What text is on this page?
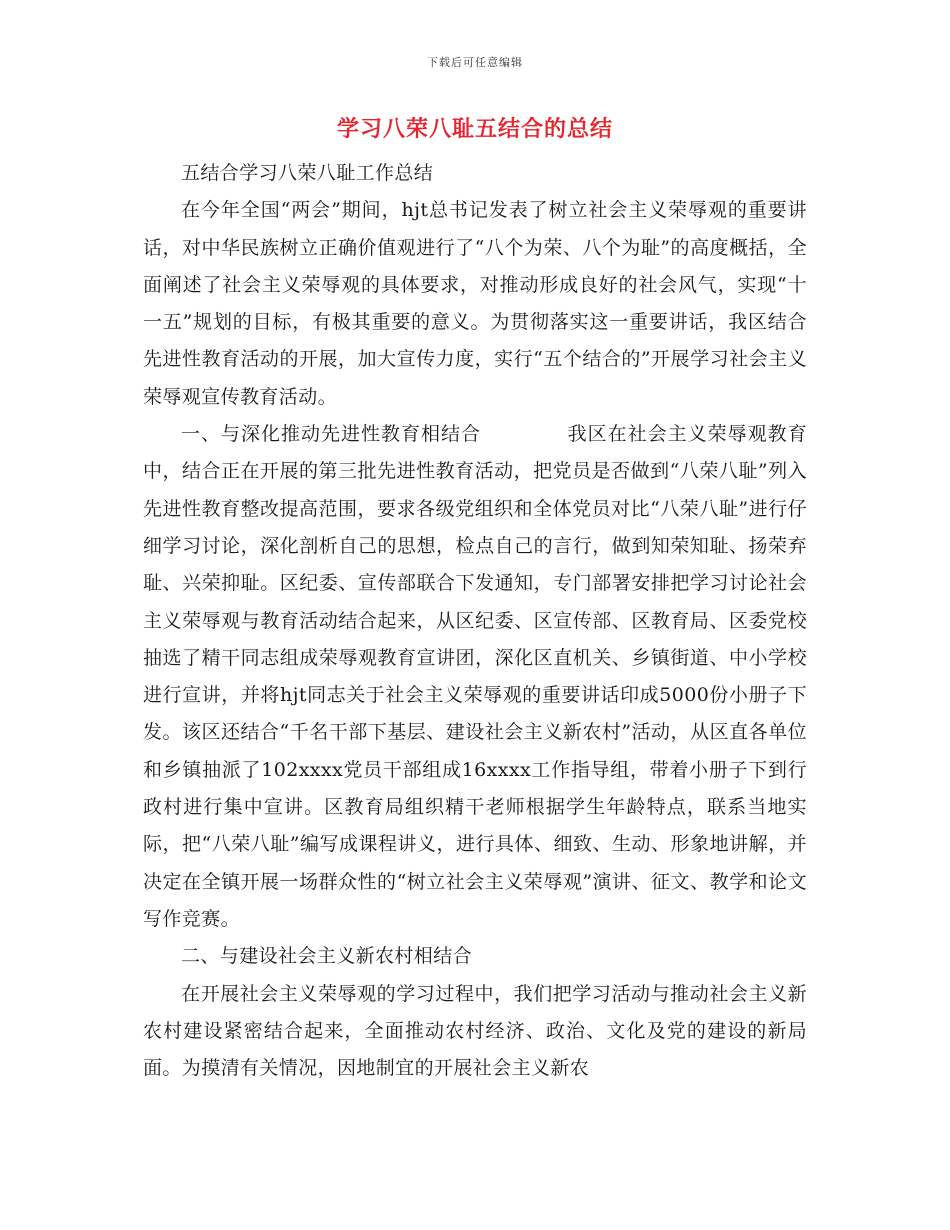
下载后可任意编辑
学习八荣八耻五结合的总结

五结合学习八荣八耻工作总结

在今年全国“两会”期间，hjt总书记发表了树立社会主义荣辱观的重要讲话，对中华民族树立正确价值观进行了“八个为荣、八个为耻”的高度概括，全面阐述了社会主义荣辱观的具体要求，对推动形成良好的社会风气，实现“十一五”规划的目标，有极其重要的意义。为贯彻落实这一重要讲话，我区结合先进性教育活动的开展，加大宣传力度，实行“五个结合的”开展学习社会主义荣辱观宣传教育活动。

一、与深化推动先进性教育相结合	我区在社会主义荣辱观教育中，结合正在开展的第三批先进性教育活动，把党员是否做到“八荣八耻”列入先进性教育整改提高范围，要求各级党组织和全体党员对比“八荣八耻”进行仔细学习讨论，深化剖析自己的思想，检点自己的言行，做到知荣知耻、扬荣弃耻、兴荣抑耻。区纪委、宣传部联合下发通知，专门部署安排把学习讨论社会主义荣辱观与教育活动结合起来，从区纪委、区宣传部、区教育局、区委党校抽选了精干同志组成荣辱观教育宣讲团，深化区直机关、乡镇街道、中小学校进行宣讲，并将hjt同志关于社会主义荣辱观的重要讲话印成5000份小册子下发。该区还结合“千名干部下基层、建设社会主义新农村”活动，从区直各单位和乡镇抽派了102xxxx党员干部组成16xxxx工作指导组，带着小册子下到行政村进行集中宣讲。区教育局组织精干老师根据学生年龄特点，联系当地实际，把“八荣八耻”编写成课程讲义，进行具体、细致、生动、形象地讲解，并决定在全镇开展一场群众性的“树立社会主义荣辱观”演讲、征文、教学和论文写作竞赛。

二、与建设社会主义新农村相结合

在开展社会主义荣辱观的学习过程中，我们把学习活动与推动社会主义新农村建设紧密结合起来，全面推动农村经济、政治、文化及党的建设的新局面。为摸清有关情况，因地制宜的开展社会主义新农
